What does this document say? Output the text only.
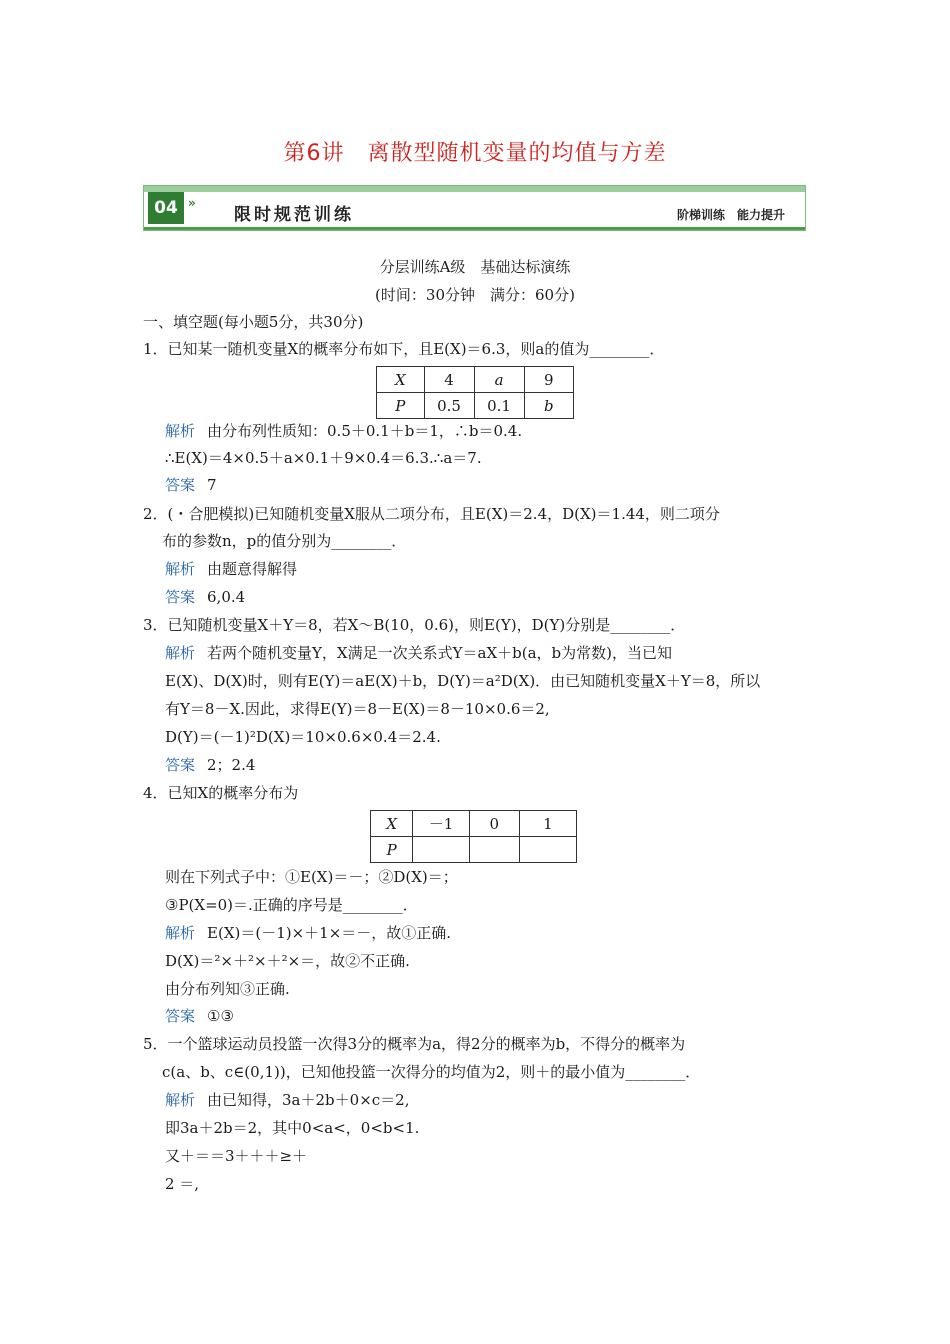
第6讲　离散型随机变量的均值与方差
04 »
限时规范训练	阶梯训练　能力提升
分层训练A级　基础达标演练
(时间：30分钟　满分：60分)
一、填空题(每小题5分，共30分)
1．已知某一随机变量X的概率分布如下，且E(X)＝6.3，则a的值为________．
X	4	a	9
P	0.5	0.1	b
解析 由分布列性质知：0.5＋0.1＋b＝1，∴b＝0.4.
∴E(X)＝4×0.5＋a×0.1＋9×0.4＝6.3.∴a＝7.
答案 7
2．(・合肥模拟)已知随机变量X服从二项分布，且E(X)＝2.4，D(X)＝1.44，则二项分
布的参数n，p的值分别为________．
解析 由题意得解得
答案 6,0.4
3．已知随机变量X＋Y＝8，若X～B(10，0.6)，则E(Y)，D(Y)分别是________．
解析 若两个随机变量Y，X满足一次关系式Y＝aX＋b(a，b为常数)，当已知
E(X)、D(X)时，则有E(Y)＝aE(X)＋b，D(Y)＝a²D(X)．由已知随机变量X＋Y＝8，所以
有Y＝8－X.因此，求得E(Y)＝8－E(X)＝8－10×0.6＝2,
D(Y)＝(－1)²D(X)＝10×0.6×0.4＝2.4.
答案 2；2.4
4．已知X的概率分布为
X	－1	0	1
P			
则在下列式子中：①E(X)＝－；②D(X)＝；
③P(X=0)＝.正确的序号是________．
解析 E(X)＝(－1)×＋1×＝－，故①正确.
D(X)＝²×＋²×＋²×＝，故②不正确.
由分布列知③正确.
答案 ①③
5．一个篮球运动员投篮一次得3分的概率为a，得2分的概率为b，不得分的概率为
c(a、b、c∈(0,1))，已知他投篮一次得分的均值为2，则＋的最小值为________．
解析 由已知得，3a＋2b＋0×c＝2,
即3a＋2b＝2，其中0<a<，0<b<1.
又＋＝＝3＋＋＋≥＋
2 ＝,
